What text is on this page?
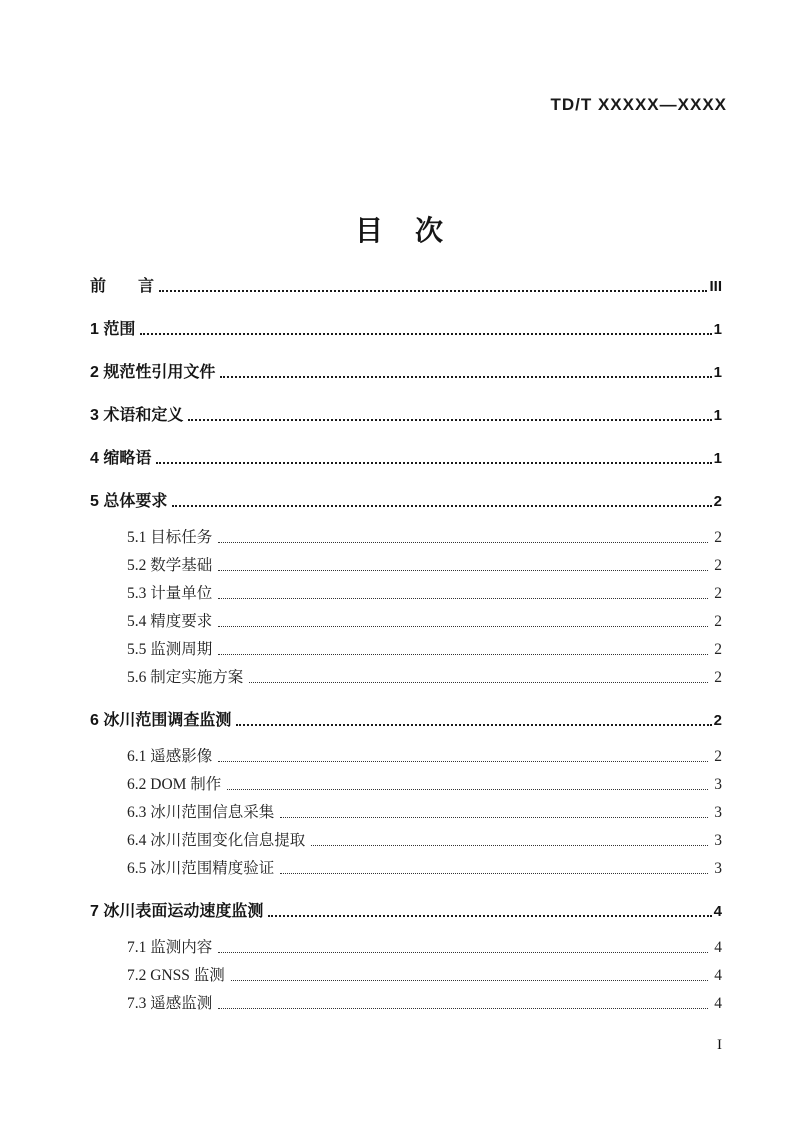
TD/T XXXXX—XXXX
目　次
前　　言	III
1 范围	1
2 规范性引用文件	1
3 术语和定义	1
4 缩略语	1
5 总体要求	2
5.1 目标任务	2
5.2 数学基础	2
5.3 计量单位	2
5.4 精度要求	2
5.5 监测周期	2
5.6 制定实施方案	2
6 冰川范围调查监测	2
6.1 遥感影像	2
6.2 DOM 制作	3
6.3 冰川范围信息采集	3
6.4 冰川范围变化信息提取	3
6.5 冰川范围精度验证	3
7 冰川表面运动速度监测	4
7.1 监测内容	4
7.2 GNSS 监测	4
7.3 遥感监测	4
I
